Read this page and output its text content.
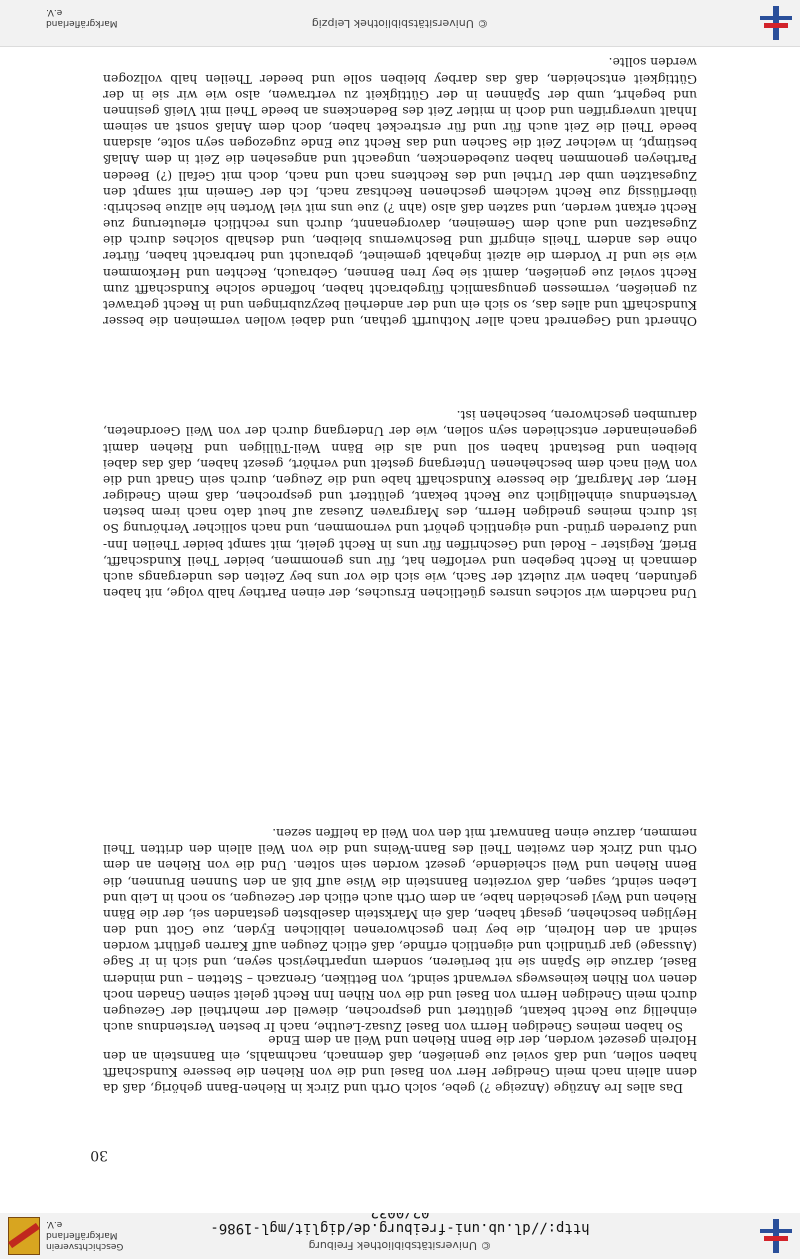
© Universitätsbibliothek Freiburg
http://dl.ub.uni-freiburg.de/diglit/mgl-1986-
Geschichtsverein Markgräflerland e.V.
30

Das alles Ire Anzüge (Anzeige ?) gebe, solch Orth und Zirck in Riehen-Bann gehörig, daß da denn allein nach mein Gnediger Herr von Basel und die von Riehen die bessere Kundschafft haben sollen, und daß soviel zue genießen, daß demnach, nachmahls, ein Bannstein an den Holrein gesezet worden, der die Benn Riehen und Weil an dem Ende

So haben meines Gnedigen Herrn von Basel Zusaz-Leuthe, nach Ir besten Verstendnus auch einhellig zue Recht bekant, gelüttert und gesprochen, diewell der mehrtheil der Gezeugen durch mein Gnedigen Herrn von Basel und die von Rihen Inn Recht geleit seinen Gnaden noch denen von Rihen keineswegs verwandt seindt, von Bettiken, Grenzach – Stetten – und mindern Basel, darzue die Spänn sie nit berüeren, sondern unpartheyisch seyen, und sich in ir Sage (Aussage) gar gründlich und eigentlich erfinde, daß etlich Zeugen auff Karren geführt worden seindt an den Holrein, die bey iren geschworenen leiblichen Eyden, zue Gott und den Heyligen beschehen, gesagt haben, daß ein Markstein daselbsten gestanden sei, der die Bänn Riehen und Weyl gescheiden habe, an dem Orth auch etlich der Gezeugen, so noch in Leib und Leben seindt, sagen, daß vorzeiten Bannstein die Wise auff biß an den Sunnen Brunnen, die Benn Riehen und Weil scheidende, gesezt worden sein solten. Und die von Riehen an dem Orth und Zirck den zweiten Theil des Bann-Weins und die von Weil allein den dritten Theil nemmen, darzue einen Bannwart mit den von Weil da helffen sezen.

Und nachdem wir solches unsres güetlichen Ersuches, der einen Parthey halb volge, nit haben gefunden, haben wir zuletzt der Sach, wie sich die vor uns bey Zeiten des undergangs auch demnach in Recht begeben und verloffen hat, für uns genommen, beider Theil Kundschafft, Brieff, Register – Rodel und Geschriffen für uns in Recht geleit, mit sampt beider Theilen Inn- und Zuereden gründ- und eigentlich gehört und vernommen, und nach sollicher Verhörung So ist durch meines gnedigen Herrn, des Margraven Zuesaz auf heut dato nach irem besten Verstendnus einhelliglich zue Recht bekant, gelüttert und gesprochen, daß mein Gnediger Herr, der Margraff, die bessere Kundschafft habe und die Zeugen, durch sein Gnadt und die von Weil nach dem beschehenen Untergang gestelt und verhört, gesezt haben, daß das dabei bleiben und Bestandt haben soll und als die Bänn Weil-Tülligen und Riehen damit gegeneinander entschieden seyn sollen, wie der Undergang durch der von Weil Geordneten, darumben geschworen, beschehen ist.

Ohnerdt und Gegenredt nach aller Nothurfft gethan, und dabei wollen vermeinen die besser Kundschafft und alles das, so sich ein und der anderheil bezyzubringen und in Recht getrawet zu genießen, vermessen genugsamlich fürgebracht haben, hoffende solche Kundschafft zum Recht soviel zue genießen, damit sie bey Iren Bennen, Gebrauch, Rechten und Herkommen wie sie und Ir Vordern die alzeit ingehabt gemeinet, gebraucht und herbracht haben, fürter ohne des andern Theils eingriff und Beschwernus bleiben, und deshalb solches durch die Zugesatzen und auch dem Gemeinen, davorgenannt, durch uns rechtlich erleuterung zue Recht erkant werden, und sazten daß also (ahn ?) zue uns mit viel Worten hie allzue beschrib: überflüssig zue Recht welchem geschenen Rechtsaz nach, Ich der Gemein mit sampt den Zugesatzten umb der Urthel und des Rechtens nach und nach, doch mit Gefall (?) Beeden Partheyen genommen haben zuebedencken, ungeacht und angesehen die Zeit in dem Anlaß bestimpt, in welcher Zeit die Sachen und das Recht zue Ende zugezogen seyn solte, alsdann beede Theil die Zeit auch für und für erstrecket haben, doch dem Anlaß sonst an seinem Inhalt unvergriffen und doch in mitler Zeit des Bedenckens an beede Theil mit Vleiß gesinnen und begehrt, umb der Spännen in der Güttigkeit zu vertrawen, also wie wir sie in der Güttigkeit entscheiden, daß das darbey bleiben solle und beeder Theilen halb vollzogen werden sollte.

© Universitätsbibliothek Leipzig
Markgräflerland e.V.
